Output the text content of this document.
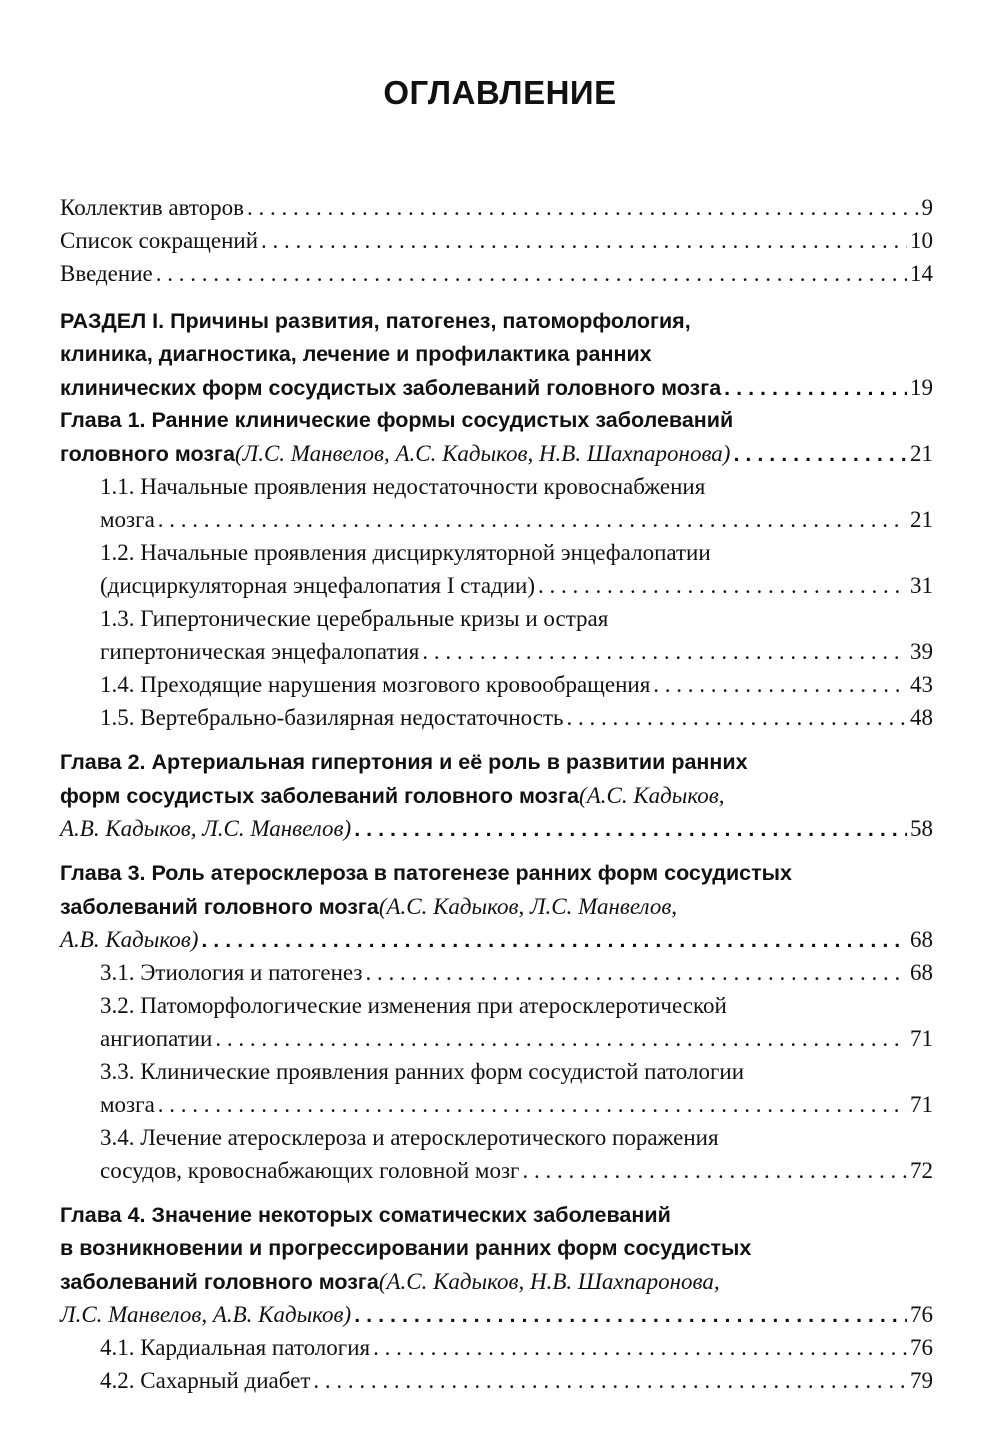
ОГЛАВЛЕНИЕ
Коллектив авторов . . .	9
Список сокращений . . .	10
Введение . . .	14
РАЗДЕЛ I. Причины развития, патогенез, патоморфология,
клиника, диагностика, лечение и профилактика ранних
клинических форм сосудистых заболеваний головного мозга . . .	19
Глава 1. Ранние клинические формы сосудистых заболеваний
головного мозга (Л.С. Манвелов, А.С. Кадыков, Н.В. Шахпаронова) . . .	21
1.1. Начальные проявления недостаточности кровоснабжения
мозга . . .	21
1.2. Начальные проявления дисциркуляторной энцефалопатии
(дисциркуляторная энцефалопатия I стадии) . . .	31
1.3. Гипертонические церебральные кризы и острая
гипертоническая энцефалопатия . . .	39
1.4. Преходящие нарушения мозгового кровообращения . . .	43
1.5. Вертебрально-базилярная недостаточность . . .	48
Глава 2. Артериальная гипертония и её роль в развитии ранних
форм сосудистых заболеваний головного мозга (А.С. Кадыков,
А.В. Кадыков, Л.С. Манвелов) . . .	58
Глава 3. Роль атеросклероза в патогенезе ранних форм сосудистых
заболеваний головного мозга (А.С. Кадыков, Л.С. Манвелов,
А.В. Кадыков) . . .	68
3.1. Этиология и патогенез . . .	68
3.2. Патоморфологические изменения при атеросклеротической
ангиопатии . . .	71
3.3. Клинические проявления ранних форм сосудистой патологии
мозга . . .	71
3.4. Лечение атеросклероза и атеросклеротического поражения
сосудов, кровоснабжающих головной мозг . . .	72
Глава 4. Значение некоторых соматических заболеваний
в возникновении и прогрессировании ранних форм сосудистых
заболеваний головного мозга (А.С. Кадыков, Н.В. Шахпаронова,
Л.С. Манвелов, А.В. Кадыков) . . .	76
4.1. Кардиальная патология . . .	76
4.2. Сахарный диабет . . .	79
